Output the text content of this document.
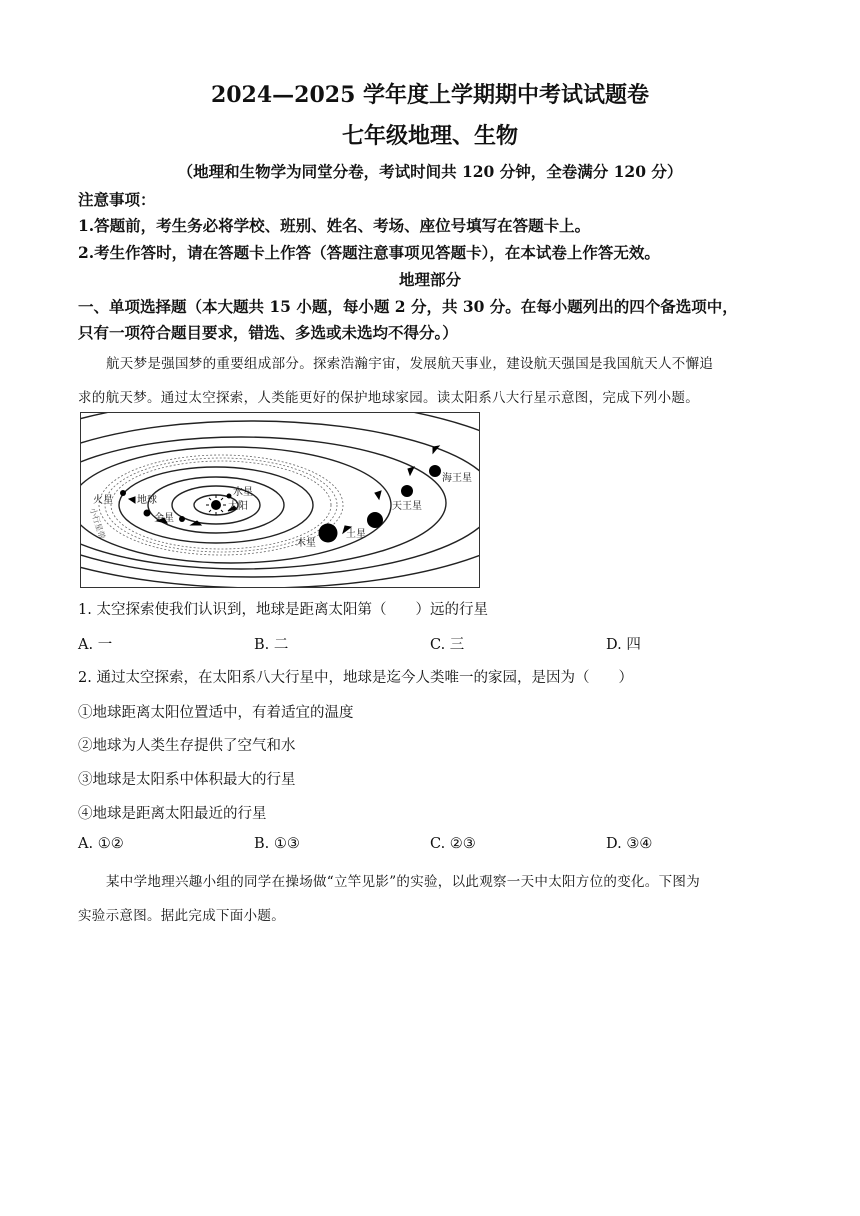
2024—2025 学年度上学期期中考试试题卷
七年级地理、生物
（地理和生物学为同堂分卷，考试时间共 120 分钟，全卷满分 120 分）
注意事项：
1.答题前，考生务必将学校、班别、姓名、考场、座位号填写在答题卡上。
2.考生作答时，请在答题卡上作答（答题注意事项见答题卡），在本试卷上作答无效。
地理部分
一、单项选择题（本大题共 15 小题，每小题 2 分，共 30 分。在每小题列出的四个备选项中，
只有一项符合题目要求，错选、多选或未选均不得分。）
航天梦是强国梦的重要组成部分。探索浩瀚宇宙，发展航天事业，建设航天强国是我国航天人不懈追
求的航天梦。通过太空探索，人类能更好的保护地球家园。读太阳系八大行星示意图，完成下列小题。
水星
太阳
金星
地球
火星
木星
土星
天王星
海王星
小行星带
1. 太空探索使我们认识到，地球是距离太阳第（　　）远的行星
A. 一	B. 二	C. 三	D. 四
2. 通过太空探索，在太阳系八大行星中，地球是迄今人类唯一的家园，是因为（　　）
①地球距离太阳位置适中，有着适宜的温度
②地球为人类生存提供了空气和水
③地球是太阳系中体积最大的行星
④地球是距离太阳最近的行星
A. ①②	B. ①③	C. ②③	D. ③④
某中学地理兴趣小组的同学在操场做“立竿见影”的实验，以此观察一天中太阳方位的变化。下图为
实验示意图。据此完成下面小题。
